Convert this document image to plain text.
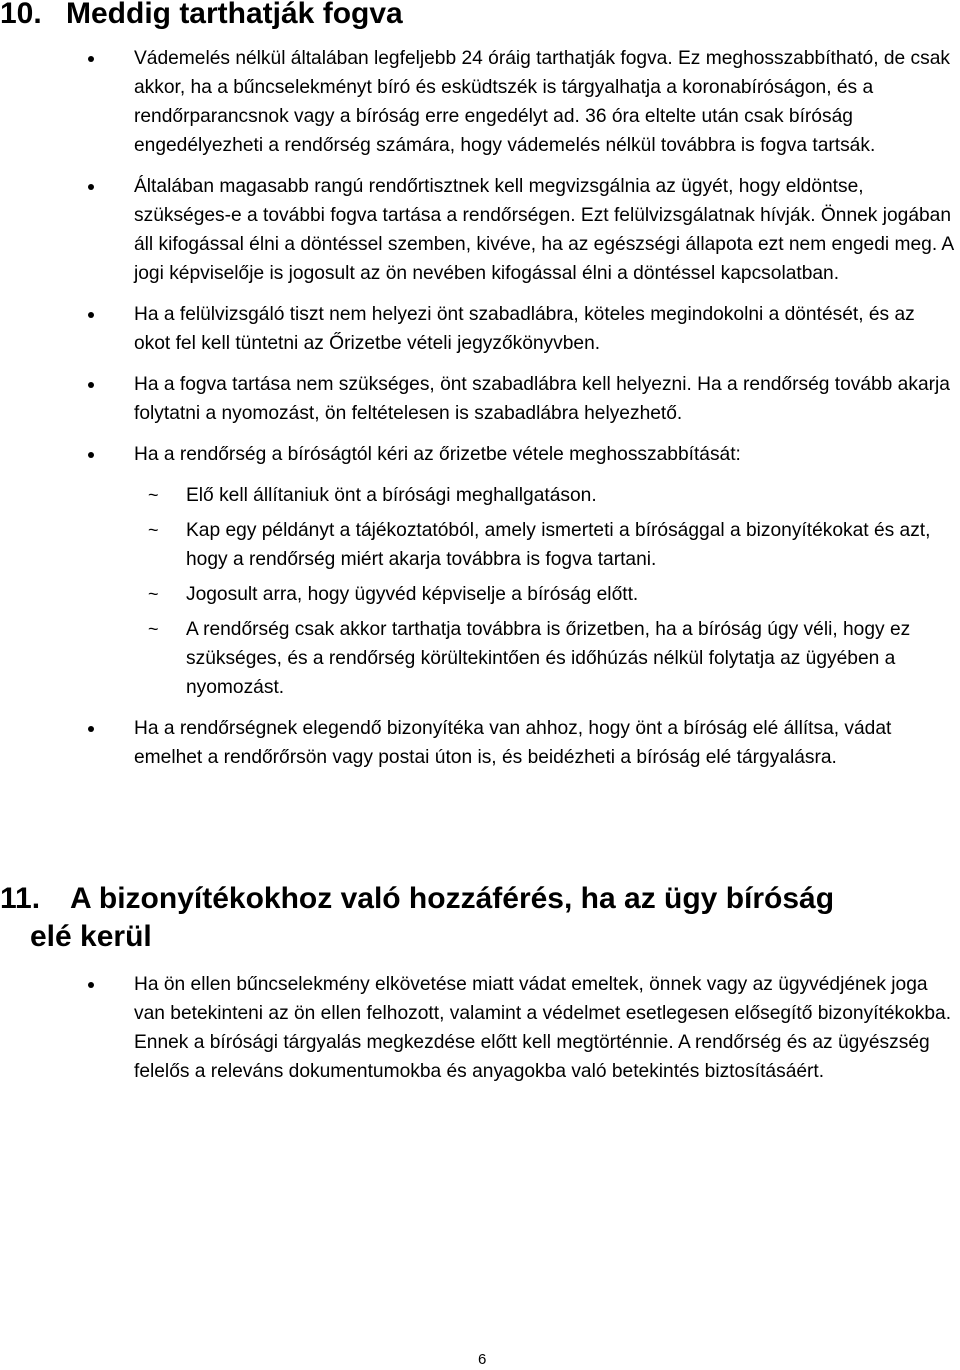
10. Meddig tarthatják fogva
Vádemelés nélkül általában legfeljebb 24 óráig tarthatják fogva. Ez meghosszabbítható, de csak akkor, ha a bűncselekményt bíró és esküdtszék is tárgyalhatja a koronabíróságon, és a rendőrparancsnok vagy a bíróság erre engedélyt ad. 36 óra eltelte után csak bíróság engedélyezheti a rendőrség számára, hogy vádemelés nélkül továbbra is fogva tartsák.
Általában magasabb rangú rendőrtisztnek kell megvizsgálnia az ügyét, hogy eldöntse, szükséges-e a további fogva tartása a rendőrségen. Ezt felülvizsgálatnak hívják. Önnek jogában áll kifogással élni a döntéssel szemben, kivéve, ha az egészségi állapota ezt nem engedi meg. A jogi képviselője is jogosult az ön nevében kifogással élni a döntéssel kapcsolatban.
Ha a felülvizsgáló tiszt nem helyezi önt szabadlábra, köteles megindokolni a döntését, és az okot fel kell tüntetni az Őrizetbe vételi jegyzőkönyvben.
Ha a fogva tartása nem szükséges, önt szabadlábra kell helyezni. Ha a rendőrség tovább akarja folytatni a nyomozást, ön feltételesen is szabadlábra helyezhető.
Ha a rendőrség a bíróságtól kéri az őrizetbe vétele meghosszabbítását:
~ Elő kell állítaniuk önt a bírósági meghallgatáson.
~ Kap egy példányt a tájékoztatóból, amely ismerteti a bírósággal a bizonyítékokat és azt, hogy a rendőrség miért akarja továbbra is fogva tartani.
~ Jogosult arra, hogy ügyvéd képviselje a bíróság előtt.
~ A rendőrség csak akkor tarthatja továbbra is őrizetben, ha a bíróság úgy véli, hogy ez szükséges, és a rendőrség körültekintően és időhúzás nélkül folytatja az ügyében a nyomozást.
Ha a rendőrségnek elegendő bizonyítéka van ahhoz, hogy önt a bíróság elé állítsa, vádat emelhet a rendőrőrsön vagy postai úton is, és beidézheti a bíróság elé tárgyalásra.
11. A bizonyítékokhoz való hozzáférés, ha az ügy bíróság
elé kerül
Ha ön ellen bűncselekmény elkövetése miatt vádat emeltek, önnek vagy az ügyvédjének joga van betekinteni az ön ellen felhozott, valamint a védelmet esetlegesen elősegítő bizonyítékokba. Ennek a bírósági tárgyalás megkezdése előtt kell megtörténnie. A rendőrség és az ügyészség felelős a releváns dokumentumokba és anyagokba való betekintés biztosításáért.
6
